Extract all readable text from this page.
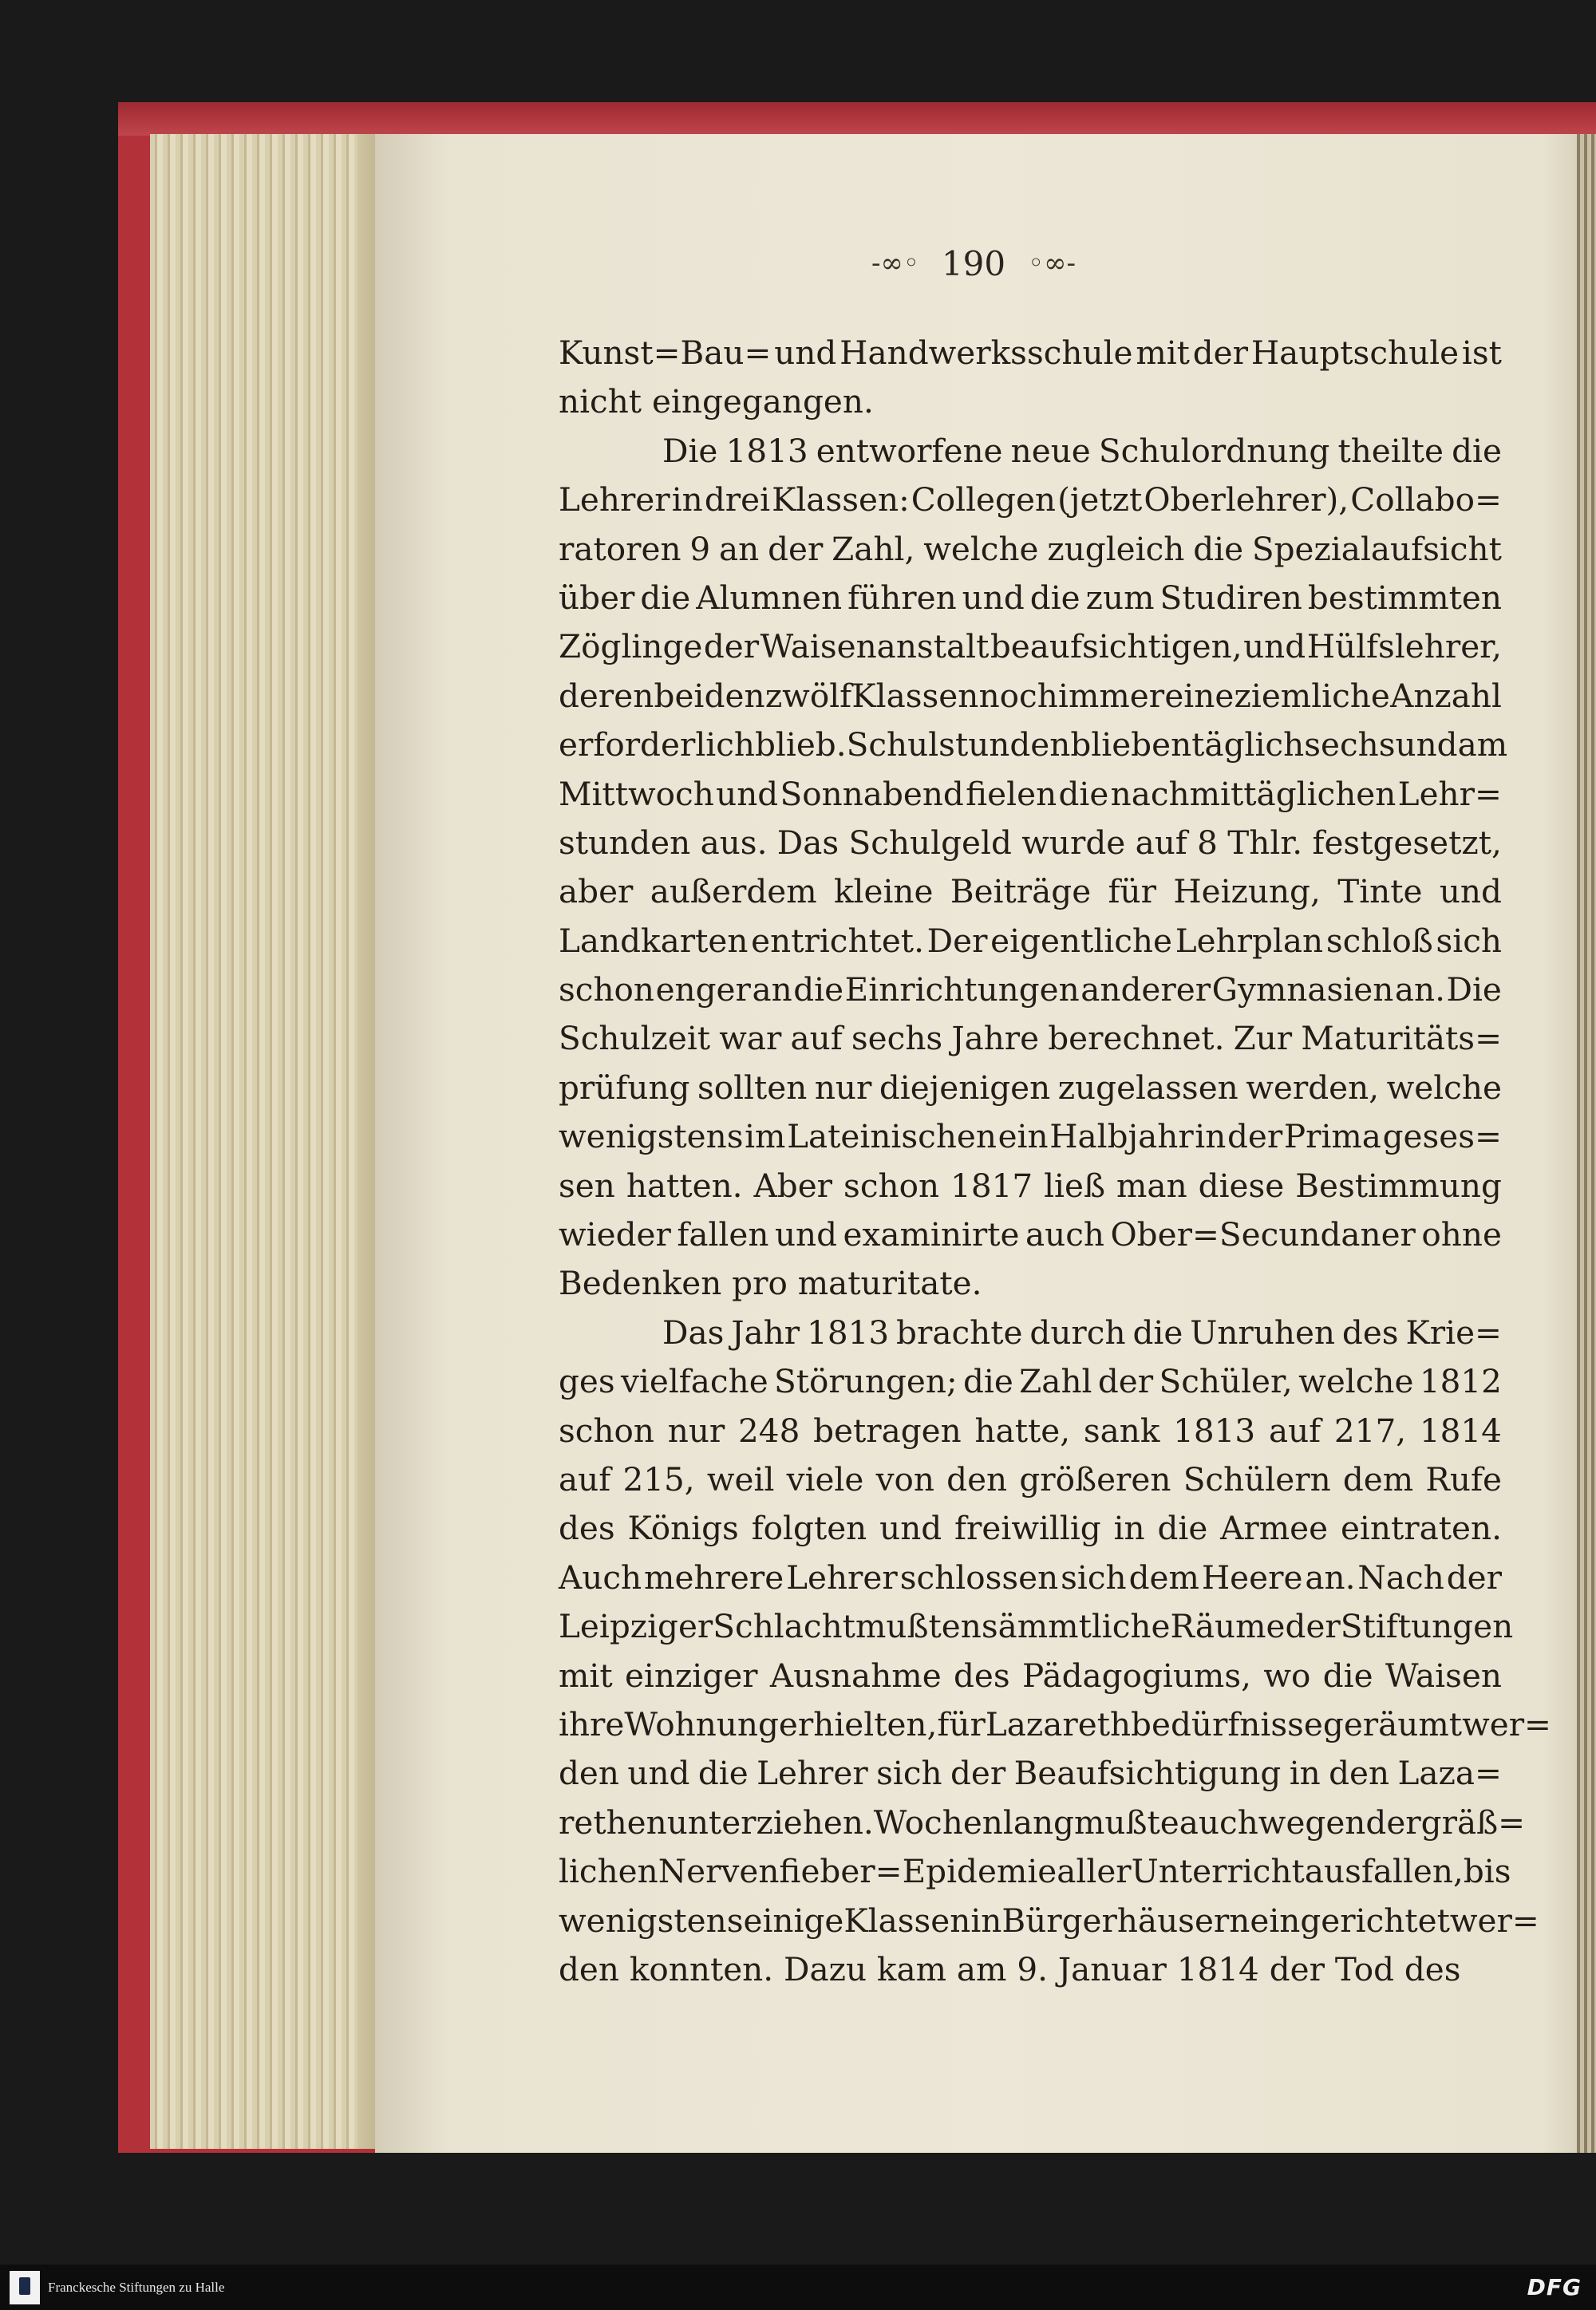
-∞◦ 190 ◦∞-
Kunst=Bau= und Handwerksschule mit der Hauptschule ist
nicht eingegangen.
Die 1813 entworfene neue Schulordnung theilte die
Lehrer in drei Klassen: Collegen (jetzt Oberlehrer), Collabo=
ratoren 9 an der Zahl, welche zugleich die Spezialaufsicht
über die Alumnen führen und die zum Studiren bestimmten
Zöglinge der Waisenanstalt beaufsichtigen, und Hülfslehrer,
deren bei den zwölf Klassen noch immer eine ziemliche Anzahl
erforderlich blieb. Schulstunden blieben täglich sechs und am
Mittwoch und Sonnabend fielen die nachmittäglichen Lehr=
stunden aus. Das Schulgeld wurde auf 8 Thlr. festgesetzt,
aber außerdem kleine Beiträge für Heizung, Tinte und
Landkarten entrichtet. Der eigentliche Lehrplan schloß sich
schon enger an die Einrichtungen anderer Gymnasien an. Die
Schulzeit war auf sechs Jahre berechnet. Zur Maturitäts=
prüfung sollten nur diejenigen zugelassen werden, welche
wenigstens im Lateinischen ein Halbjahr in der Prima geses=
sen hatten. Aber schon 1817 ließ man diese Bestimmung
wieder fallen und examinirte auch Ober=Secundaner ohne
Bedenken pro maturitate.
Das Jahr 1813 brachte durch die Unruhen des Krie=
ges vielfache Störungen; die Zahl der Schüler, welche 1812
schon nur 248 betragen hatte, sank 1813 auf 217, 1814
auf 215, weil viele von den größeren Schülern dem Rufe
des Königs folgten und freiwillig in die Armee eintraten.
Auch mehrere Lehrer schlossen sich dem Heere an. Nach der
Leipziger Schlacht mußten sämmtliche Räume der Stiftungen
mit einziger Ausnahme des Pädagogiums, wo die Waisen
ihre Wohnung erhielten, für Lazarethbedürfnisse geräumt wer=
den und die Lehrer sich der Beaufsichtigung in den Laza=
rethen unterziehen. Wochenlang mußte auch wegen der gräß=
lichen Nervenfieber=Epidemie aller Unterricht ausfallen, bis
wenigstens einige Klassen in Bürgerhäusern eingerichtet wer=
den konnten. Dazu kam am 9. Januar 1814 der Tod des
Franckesche Stiftungen zu Halle	DFG
